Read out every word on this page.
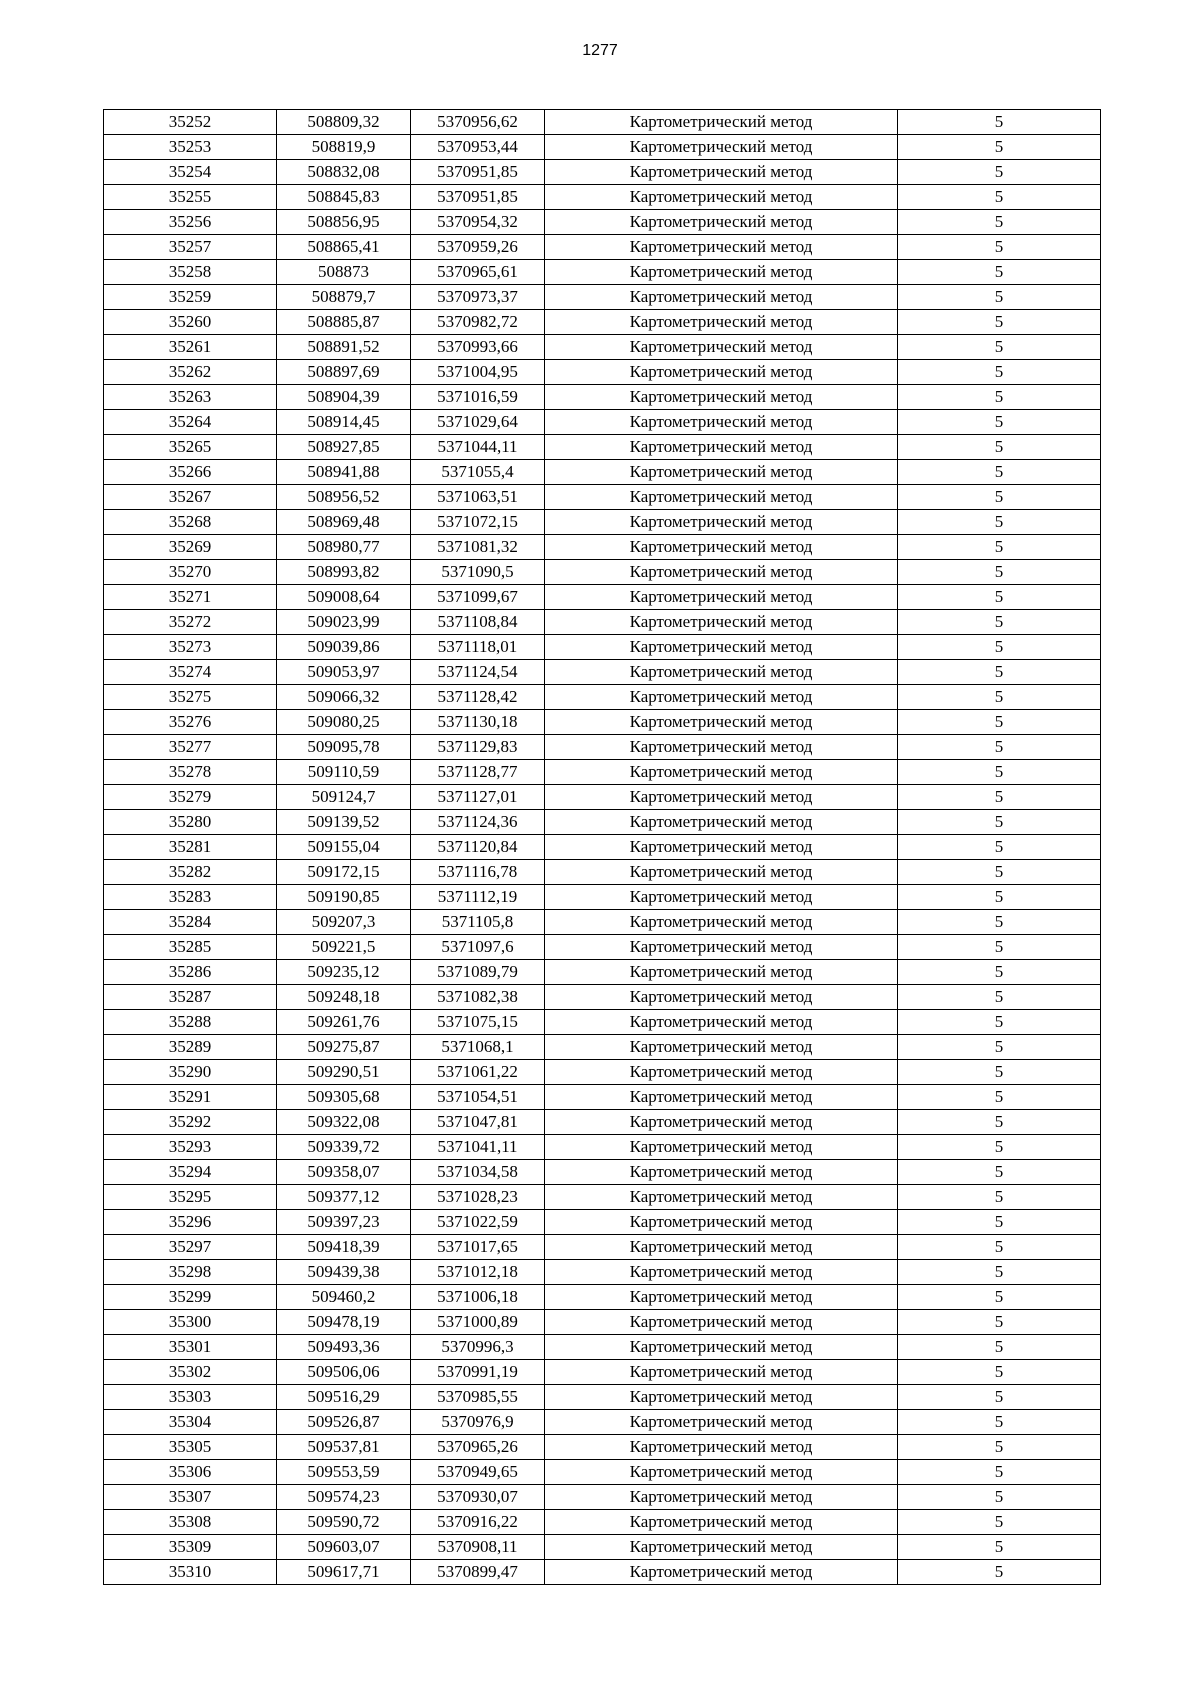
1277
35252	508809,32	5370956,62	Картометрический метод	5
35253	508819,9	5370953,44	Картометрический метод	5
35254	508832,08	5370951,85	Картометрический метод	5
35255	508845,83	5370951,85	Картометрический метод	5
35256	508856,95	5370954,32	Картометрический метод	5
35257	508865,41	5370959,26	Картометрический метод	5
35258	508873	5370965,61	Картометрический метод	5
35259	508879,7	5370973,37	Картометрический метод	5
35260	508885,87	5370982,72	Картометрический метод	5
35261	508891,52	5370993,66	Картометрический метод	5
35262	508897,69	5371004,95	Картометрический метод	5
35263	508904,39	5371016,59	Картометрический метод	5
35264	508914,45	5371029,64	Картометрический метод	5
35265	508927,85	5371044,11	Картометрический метод	5
35266	508941,88	5371055,4	Картометрический метод	5
35267	508956,52	5371063,51	Картометрический метод	5
35268	508969,48	5371072,15	Картометрический метод	5
35269	508980,77	5371081,32	Картометрический метод	5
35270	508993,82	5371090,5	Картометрический метод	5
35271	509008,64	5371099,67	Картометрический метод	5
35272	509023,99	5371108,84	Картометрический метод	5
35273	509039,86	5371118,01	Картометрический метод	5
35274	509053,97	5371124,54	Картометрический метод	5
35275	509066,32	5371128,42	Картометрический метод	5
35276	509080,25	5371130,18	Картометрический метод	5
35277	509095,78	5371129,83	Картометрический метод	5
35278	509110,59	5371128,77	Картометрический метод	5
35279	509124,7	5371127,01	Картометрический метод	5
35280	509139,52	5371124,36	Картометрический метод	5
35281	509155,04	5371120,84	Картометрический метод	5
35282	509172,15	5371116,78	Картометрический метод	5
35283	509190,85	5371112,19	Картометрический метод	5
35284	509207,3	5371105,8	Картометрический метод	5
35285	509221,5	5371097,6	Картометрический метод	5
35286	509235,12	5371089,79	Картометрический метод	5
35287	509248,18	5371082,38	Картометрический метод	5
35288	509261,76	5371075,15	Картометрический метод	5
35289	509275,87	5371068,1	Картометрический метод	5
35290	509290,51	5371061,22	Картометрический метод	5
35291	509305,68	5371054,51	Картометрический метод	5
35292	509322,08	5371047,81	Картометрический метод	5
35293	509339,72	5371041,11	Картометрический метод	5
35294	509358,07	5371034,58	Картометрический метод	5
35295	509377,12	5371028,23	Картометрический метод	5
35296	509397,23	5371022,59	Картометрический метод	5
35297	509418,39	5371017,65	Картометрический метод	5
35298	509439,38	5371012,18	Картометрический метод	5
35299	509460,2	5371006,18	Картометрический метод	5
35300	509478,19	5371000,89	Картометрический метод	5
35301	509493,36	5370996,3	Картометрический метод	5
35302	509506,06	5370991,19	Картометрический метод	5
35303	509516,29	5370985,55	Картометрический метод	5
35304	509526,87	5370976,9	Картометрический метод	5
35305	509537,81	5370965,26	Картометрический метод	5
35306	509553,59	5370949,65	Картометрический метод	5
35307	509574,23	5370930,07	Картометрический метод	5
35308	509590,72	5370916,22	Картометрический метод	5
35309	509603,07	5370908,11	Картометрический метод	5
35310	509617,71	5370899,47	Картометрический метод	5
